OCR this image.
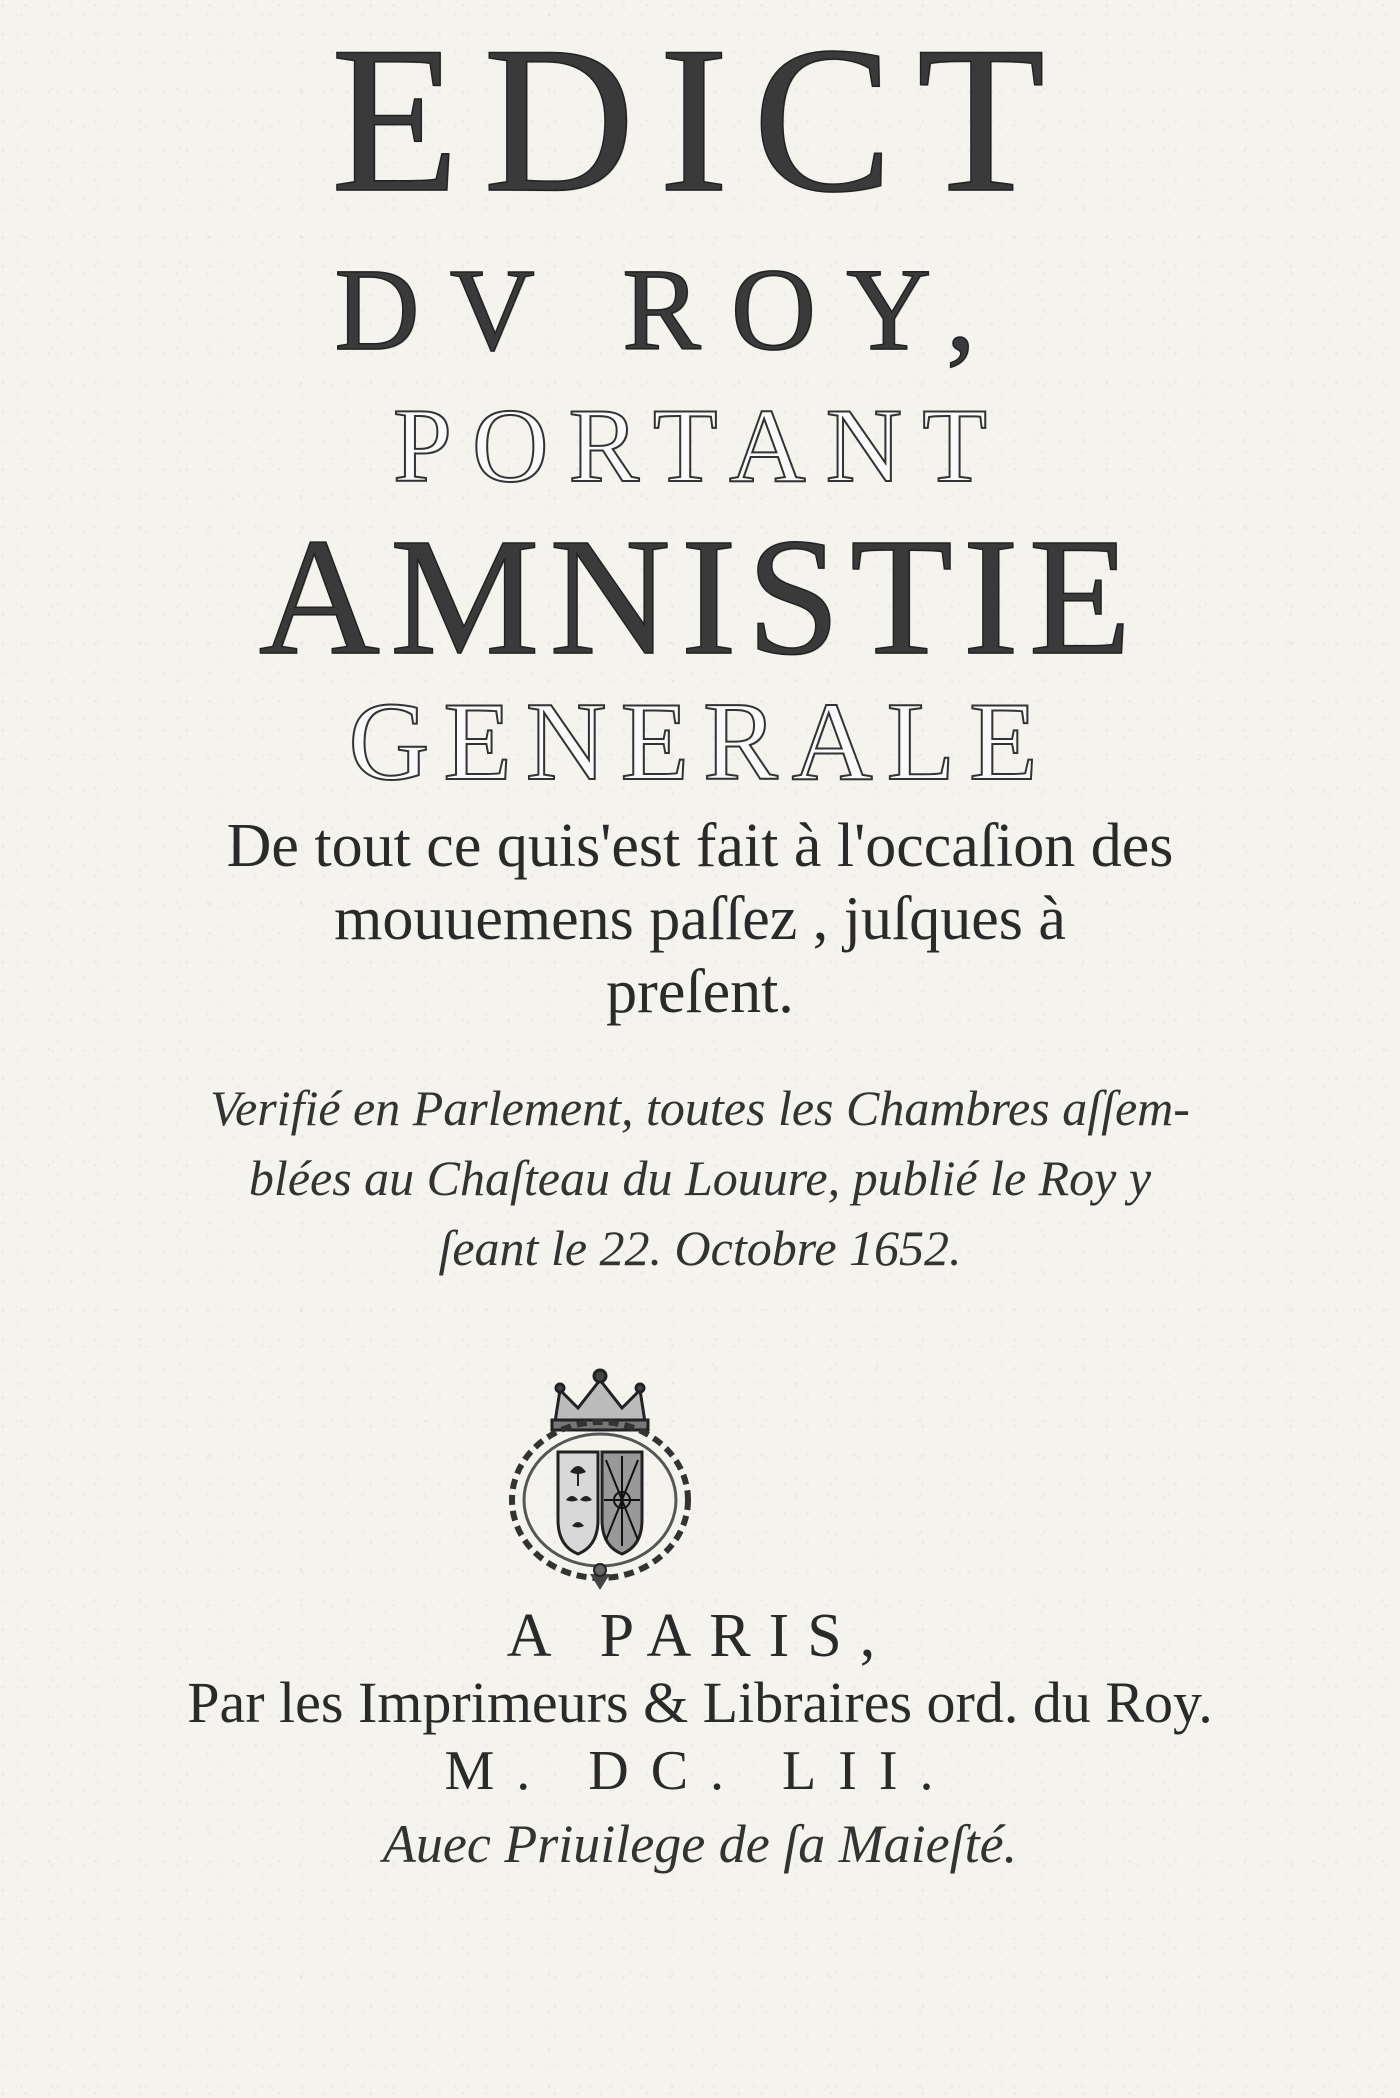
EDICT
DV ROY,
PORTANT
AMNISTIE
GENERALE

De tout ce quis'est fait à l'occaſion des

mouuemens paſſez , juſques à

preſent.

Verifié en Parlement, toutes les Chambres aſſem-

blées au Chaſteau du Louure, publié le Roy y

ſeant le 22. Octobre 1652.

A PARIS,

Par les Imprimeurs & Libraires ord. du Roy.

M. DC. LII.

Auec Priuilege de ſa Maieſté.
